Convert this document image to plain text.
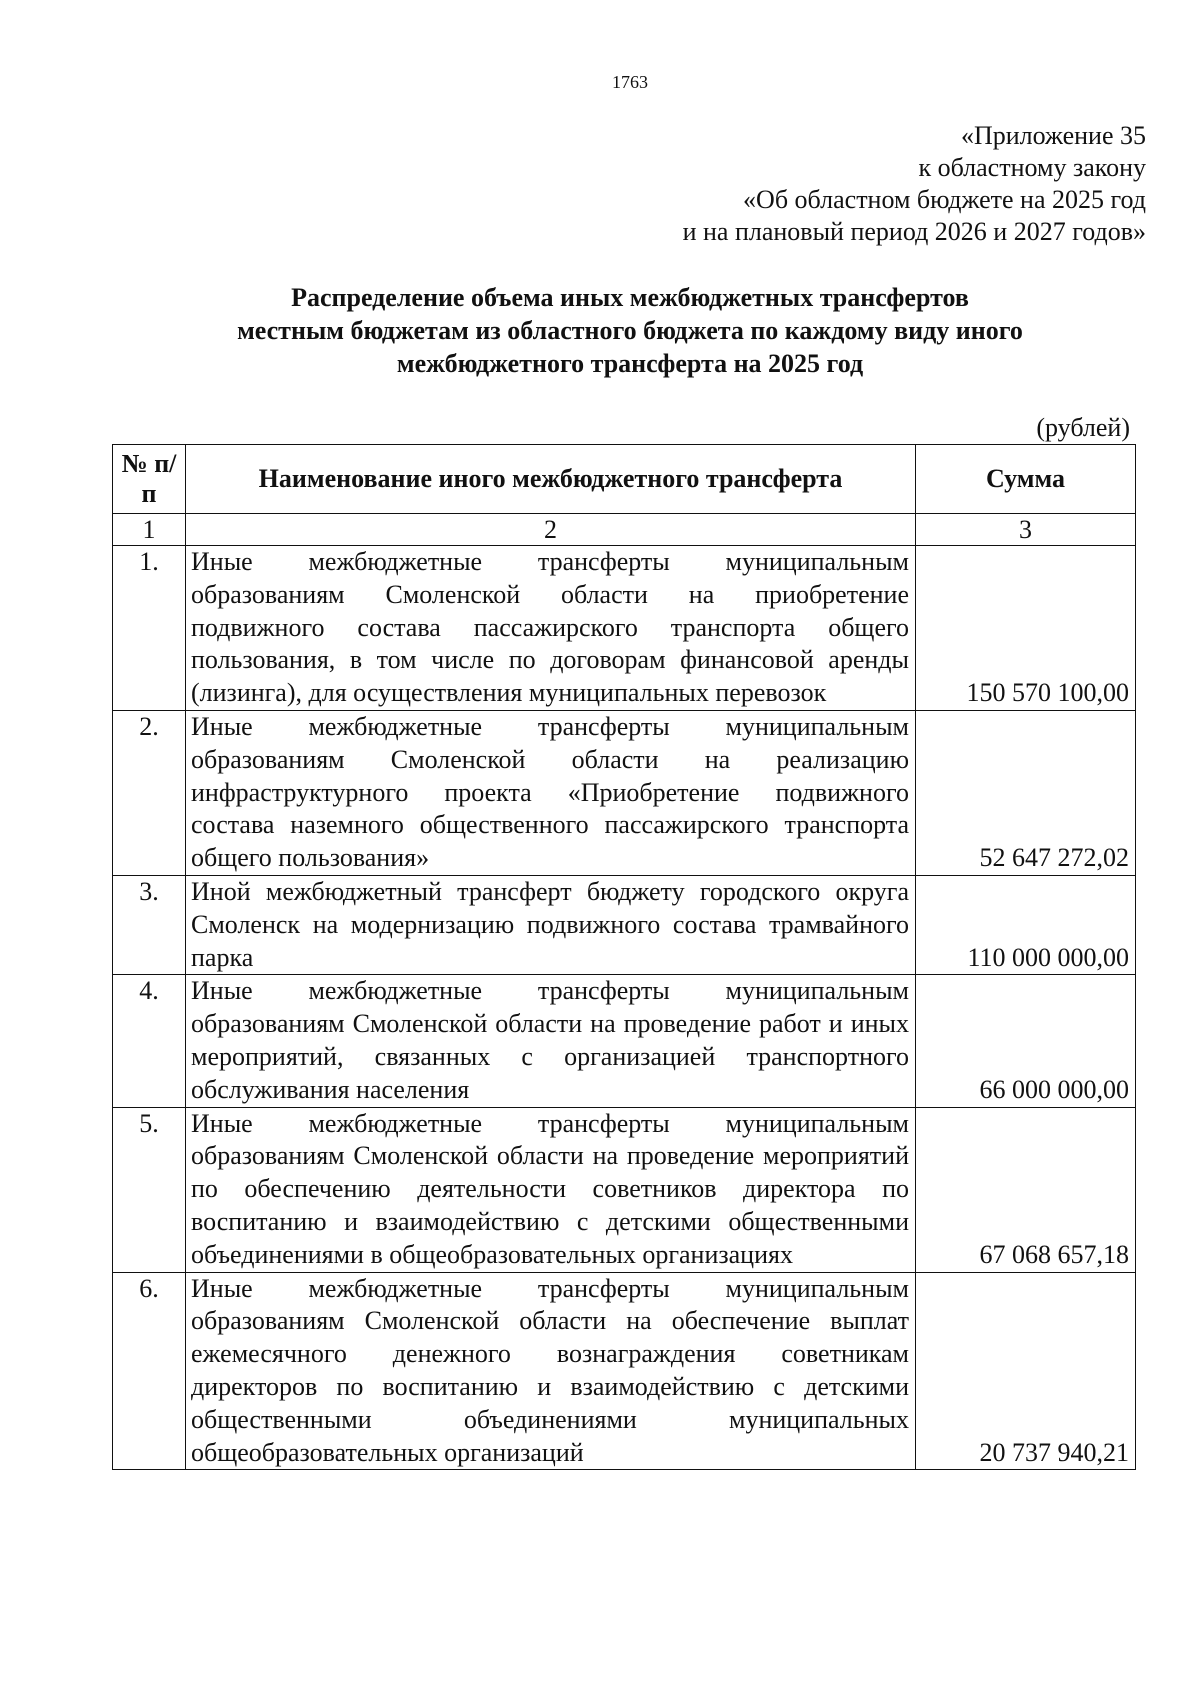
1763
«Приложение 35
к областному закону
«Об областном бюджете на 2025 год
и на плановый период 2026 и 2027 годов»
Распределение объема иных межбюджетных трансфертов
местным бюджетам из областного бюджета по каждому виду иного
межбюджетного трансферта на 2025 год
(рублей)
№ п/п	Наименование иного межбюджетного трансферта	Сумма
1	2	3
1.	Иные межбюджетные трансферты муниципальным образованиям Смоленской области на приобретение подвижного состава пассажирского транспорта общего пользования, в том числе по договорам финансовой аренды (лизинга), для осуществления муниципальных перевозок	150 570 100,00
2.	Иные межбюджетные трансферты муниципальным образованиям Смоленской области на реализацию инфраструктурного проекта «Приобретение подвижного состава наземного общественного пассажирского транспорта общего пользования»	52 647 272,02
3.	Иной межбюджетный трансферт бюджету городского округа Смоленск на модернизацию подвижного состава трамвайного парка	110 000 000,00
4.	Иные межбюджетные трансферты муниципальным образованиям Смоленской области на проведение работ и иных мероприятий, связанных с организацией транспортного обслуживания населения	66 000 000,00
5.	Иные межбюджетные трансферты муниципальным образованиям Смоленской области на проведение мероприятий по обеспечению деятельности советников директора по воспитанию и взаимодействию с детскими общественными объединениями в общеобразовательных организациях	67 068 657,18
6.	Иные межбюджетные трансферты муниципальным образованиям Смоленской области на обеспечение выплат ежемесячного денежного вознаграждения советникам директоров по воспитанию и взаимодействию с детскими общественными объединениями муниципальных общеобразовательных организаций	20 737 940,21
